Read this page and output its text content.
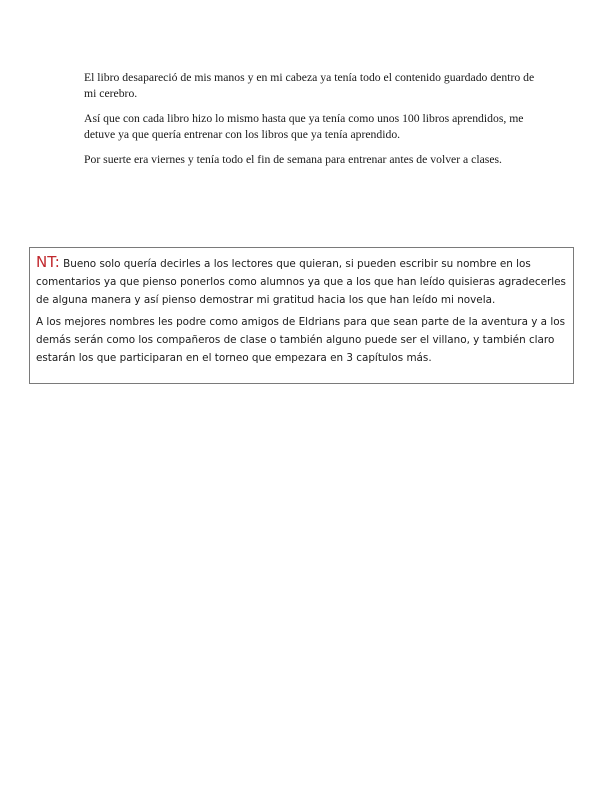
El libro desapareció de mis manos y en mi cabeza ya tenía todo el contenido guardado dentro de mi cerebro.

Así que con cada libro hizo lo mismo hasta que ya tenía como unos 100 libros aprendidos, me detuve ya que quería entrenar con los libros que ya tenía aprendido.

Por suerte era viernes y tenía todo el fin de semana para entrenar antes de volver a clases.

NT: Bueno solo quería decirles a los lectores que quieran, si pueden escribir su nombre en los comentarios ya que pienso ponerlos como alumnos ya que a los que han leído quisieras agradecerles de alguna manera y así pienso demostrar mi gratitud hacia los que han leído mi novela.

A los mejores nombres les podre como amigos de Eldrians para que sean parte de la aventura y a los demás serán como los compañeros de clase o también alguno puede ser el villano, y también claro estarán los que participaran en el torneo que empezara en 3 capítulos más.
